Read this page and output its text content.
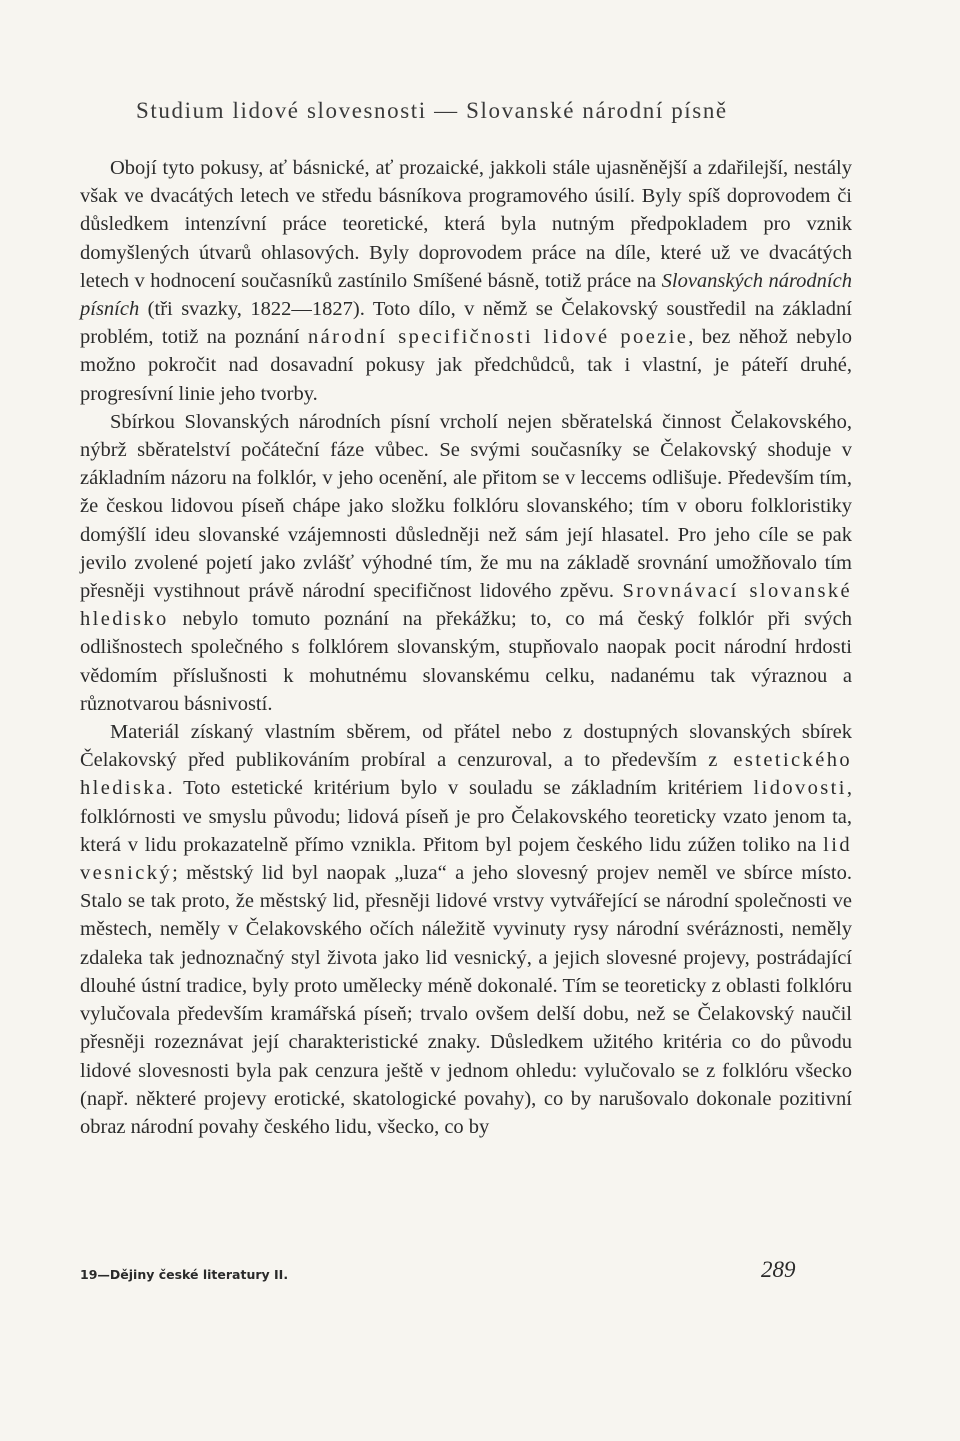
Studium lidové slovesnosti — Slovanské národní písně

Obojí tyto pokusy, ať básnické, ať prozaické, jakkoli stále ujasněnější a zdařilejší, nestály však ve dvacátých letech ve středu básníkova programového úsilí. Byly spíš doprovodem či důsledkem intenzívní práce teoretické, která byla nutným předpokladem pro vznik domyšlených útvarů ohlasových. Byly doprovodem práce na díle, které už ve dvacátých letech v hodnocení současníků zastínilo Smíšené básně, totiž práce na Slovanských národních písních (tři svazky, 1822—1827). Toto dílo, v němž se Čelakovský soustředil na základní problém, totiž na poznání národní specifičnosti lidové poezie, bez něhož nebylo možno pokročit nad dosavadní pokusy jak předchůdců, tak i vlastní, je páteří druhé, progresívní linie jeho tvorby.

Sbírkou Slovanských národních písní vrcholí nejen sběratelská činnost Čelakovského, nýbrž sběratelství počáteční fáze vůbec. Se svými současníky se Čelakovský shoduje v základním názoru na folklór, v jeho ocenění, ale přitom se v leccems odlišuje. Především tím, že českou lidovou píseň chápe jako složku folklóru slovanského; tím v oboru folkloristiky domýšlí ideu slovanské vzájemnosti důsledněji než sám její hlasatel. Pro jeho cíle se pak jevilo zvolené pojetí jako zvlášť výhodné tím, že mu na základě srovnání umožňovalo tím přesněji vystihnout právě národní specifičnost lidového zpěvu. Srovnávací slovanské hledisko nebylo tomuto poznání na překážku; to, co má český folklór při svých odlišnostech společného s folklórem slovanským, stupňovalo naopak pocit národní hrdosti vědomím příslušnosti k mohutnému slovanskému celku, nadanému tak výraznou a různotvarou básnivostí.

Materiál získaný vlastním sběrem, od přátel nebo z dostupných slovanských sbírek Čelakovský před publikováním probíral a cenzuroval, a to především z estetického hlediska. Toto estetické kritérium bylo v souladu se základním kritériem lidovosti, folklórnosti ve smyslu původu; lidová píseň je pro Čelakovského teoreticky vzato jenom ta, která v lidu prokazatelně přímo vznikla. Přitom byl pojem českého lidu zúžen toliko na lid vesnický; městský lid byl naopak „luza“ a jeho slovesný projev neměl ve sbírce místo. Stalo se tak proto, že městský lid, přesněji lidové vrstvy vytvářející se národní společnosti ve městech, neměly v Čelakovského očích náležitě vyvinuty rysy národní svéráznosti, neměly zdaleka tak jednoznačný styl života jako lid vesnický, a jejich slovesné projevy, postrádající dlouhé ústní tradice, byly proto umělecky méně dokonalé. Tím se teoreticky z oblasti folklóru vylučovala především kramářská píseň; trvalo ovšem delší dobu, než se Čelakovský naučil přesněji rozeznávat její charakteristické znaky. Důsledkem užitého kritéria co do původu lidové slovesnosti byla pak cenzura ještě v jednom ohledu: vylučovalo se z folklóru všecko (např. některé projevy erotické, skatologické povahy), co by narušovalo dokonale pozitivní obraz národní povahy českého lidu, všecko, co by

19—Dějiny české literatury II.	289
